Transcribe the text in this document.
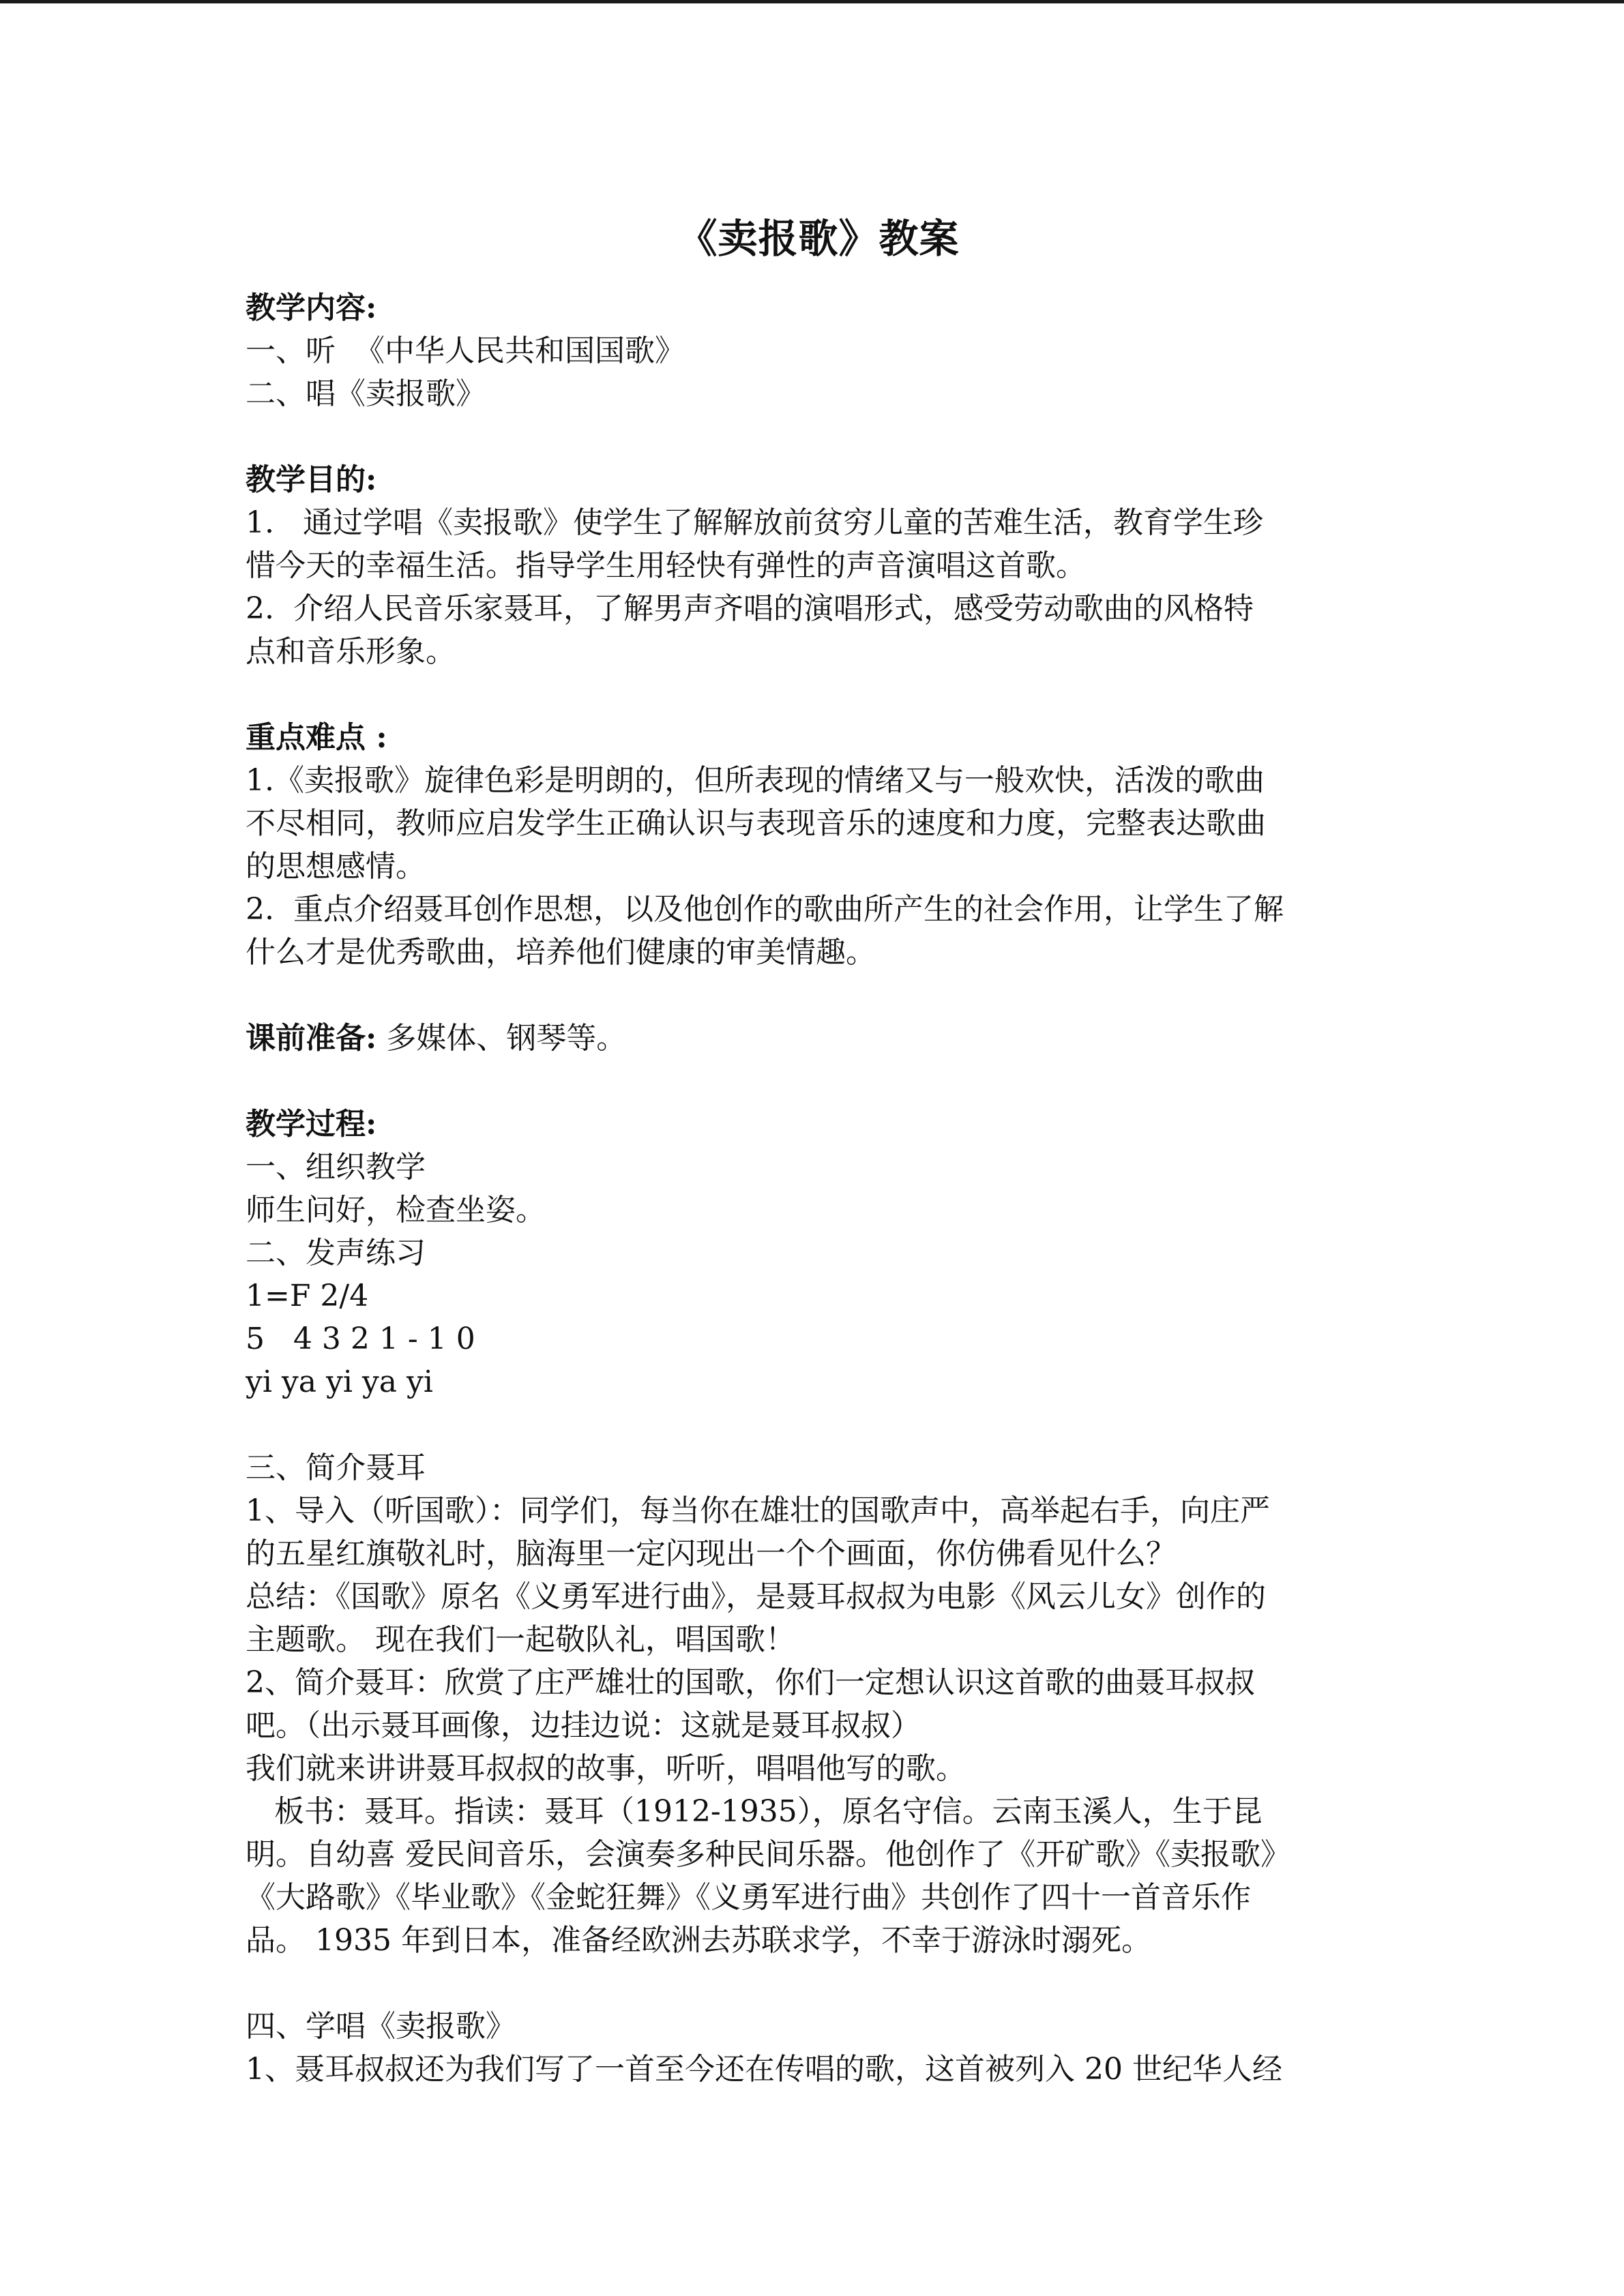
《卖报歌》教案
教学内容:
一、听  《中华人民共和国国歌》
二、唱《卖报歌》
教学目的:
1.   通过学唱《卖报歌》使学生了解解放前贫穷儿童的苦难生活，教育学生珍
惜今天的幸福生活。指导学生用轻快有弹性的声音演唱这首歌。
2.  介绍人民音乐家聂耳，了解男声齐唱的演唱形式，感受劳动歌曲的风格特
点和音乐形象。
重点难点 :
1.《卖报歌》旋律色彩是明朗的，但所表现的情绪又与一般欢快，活泼的歌曲
不尽相同，教师应启发学生正确认识与表现音乐的速度和力度，完整表达歌曲
的思想感情。
2.  重点介绍聂耳创作思想，以及他创作的歌曲所产生的社会作用，让学生了解
什么才是优秀歌曲，培养他们健康的审美情趣。
课前准备: 多媒体、钢琴等。
教学过程:
一、组织教学
师生问好，检查坐姿。
二、发声练习
1=F 2/4
5   4 3 2 1 - 1 0
yi ya yi ya yi
三、简介聂耳
1、导入（听国歌）：同学们，每当你在雄壮的国歌声中，高举起右手，向庄严
的五星红旗敬礼时，脑海里一定闪现出一个个画面，你仿佛看见什么？
总结：《国歌》原名《义勇军进行曲》，是聂耳叔叔为电影《风云儿女》创作的
主题歌。 现在我们一起敬队礼，唱国歌！
2、简介聂耳：欣赏了庄严雄壮的国歌，你们一定想认识这首歌的曲聂耳叔叔
吧。（出示聂耳画像，边挂边说：这就是聂耳叔叔）
我们就来讲讲聂耳叔叔的故事，听听，唱唱他写的歌。
板书：聂耳。指读：聂耳（1912-1935），原名守信。云南玉溪人，生于昆
明。自幼喜 爱民间音乐，会演奏多种民间乐器。他创作了《开矿歌》《卖报歌》
《大路歌》《毕业歌》《金蛇狂舞》《义勇军进行曲》共创作了四十一首音乐作
品。 1935 年到日本，准备经欧洲去苏联求学，不幸于游泳时溺死。
四、学唱《卖报歌》
1、聂耳叔叔还为我们写了一首至今还在传唱的歌，这首被列入 20 世纪华人经
